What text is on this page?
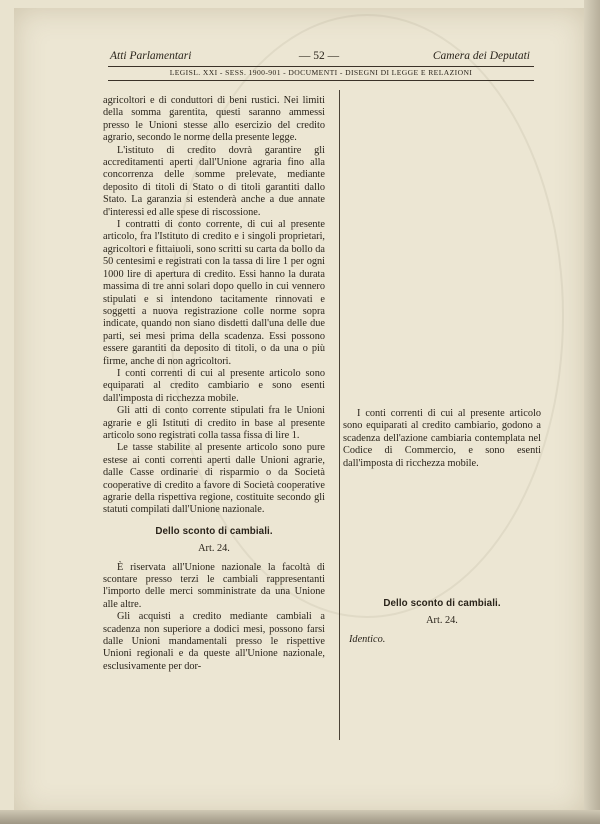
Atti Parlamentari	— 52 —	Camera dei Deputati
LEGISL. XXI - SESS. 1900-901 - DOCUMENTI - DISEGNI DI LEGGE E RELAZIONI

agricoltori e di conduttori di beni rustici. Nei limiti della somma garentita, questi saranno ammessi presso le Unioni stesse allo esercizio del credito agrario, secondo le norme della presente legge.

L'istituto di credito dovrà garantire gli accreditamenti aperti dall'Unione agraria fino alla concorrenza delle somme prelevate, mediante deposito di titoli di Stato o di titoli garantiti dallo Stato. La garanzia si estenderà anche a due annate d'interessi ed alle spese di riscossione.

I contratti di conto corrente, di cui al presente articolo, fra l'Istituto di credito e i singoli proprietari, agricoltori e fittaiuoli, sono scritti su carta da bollo da 50 centesimi e registrati con la tassa di lire 1 per ogni 1000 lire di apertura di credito. Essi hanno la durata massima di tre anni solari dopo quello in cui vennero stipulati e si intendono tacitamente rinnovati e soggetti a nuova registrazione colle norme sopra indicate, quando non siano disdetti dall'una delle due parti, sei mesi prima della scadenza. Essi possono essere garantiti da deposito di titoli, o da una o più firme, anche di non agricoltori.

I conti correnti di cui al presente articolo sono equiparati al credito cambiario e sono esenti dall'imposta di ricchezza mobile.

Gli atti di conto corrente stipulati fra le Unioni agrarie e gli Istituti di credito in base al presente articolo sono registrati colla tassa fissa di lire 1.

Le tasse stabilite al presente articolo sono pure estese ai conti correnti aperti dalle Unioni agrarie, dalle Casse ordinarie di risparmio o da Società cooperative di credito a favore di Società cooperative agrarie della rispettiva regione, costituite secondo gli statuti compilati dall'Unione nazionale.

Dello sconto di cambiali.
Art. 24.

È riservata all'Unione nazionale la facoltà di scontare presso terzi le cambiali rappresentanti l'importo delle merci somministrate da una Unione alle altre.

Gli acquisti a credito mediante cambiali a scadenza non superiore a dodici mesi, possono farsi dalle Unioni mandamentali presso le rispettive Unioni regionali e da queste all'Unione nazionale, esclusivamente per dor-

I conti correnti di cui al presente articolo sono equiparati al credito cambiario, godono a scadenza dell'azione cambiaria contemplata nel Codice di Commercio, e sono esenti dall'imposta di ricchezza mobile.

Dello sconto di cambiali.
Art. 24.

Identico.
